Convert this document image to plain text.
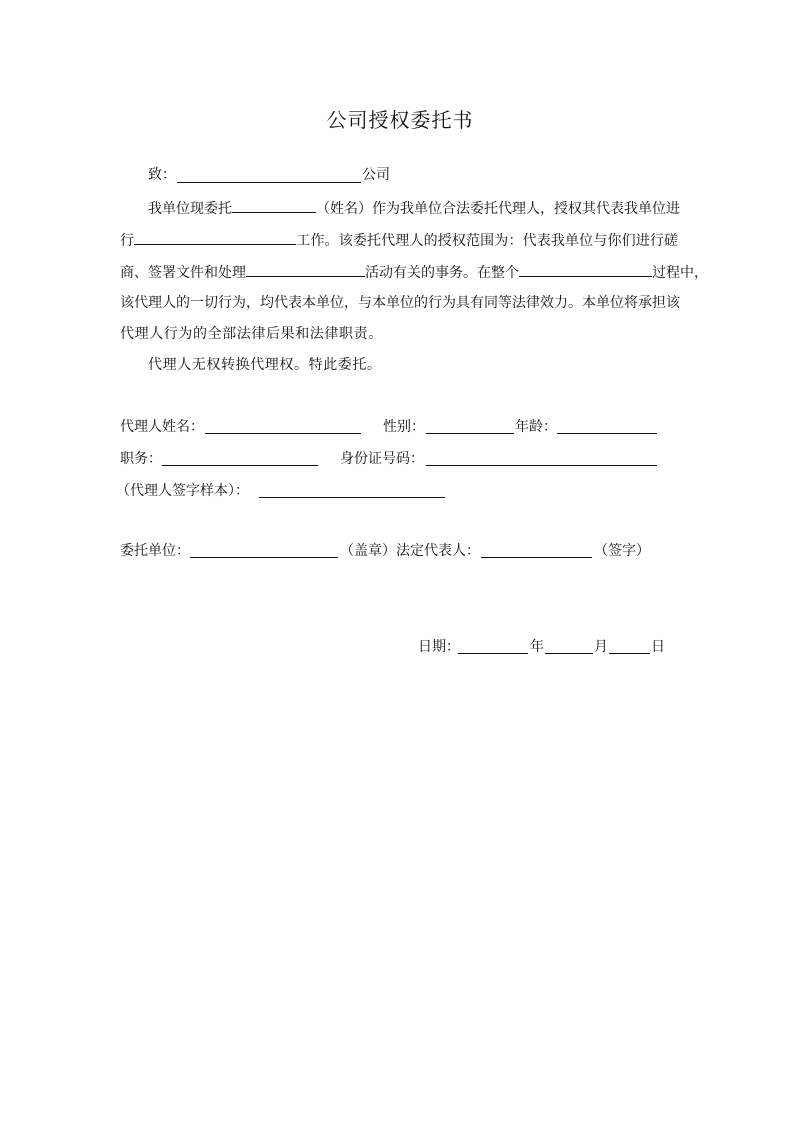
公司授权委托书
致：	公司
我单位现委托	（姓名）作为我单位合法委托代理人，授权其代表我单位进
行	工作。该委托代理人的授权范围为：代表我单位与你们进行磋
商、签署文件和处理	活动有关的事务。在整个	过程中，
该代理人的一切行为，均代表本单位，与本单位的行为具有同等法律效力。本单位将承担该
代理人行为的全部法律后果和法律职责。
代理人无权转换代理权。特此委托。
代理人姓名：	性别：	年龄：
职务：	身份证号码：
（代理人签字样本）：
委托单位：	（盖章）法定代表人：	（签字）
日期：	年	月	日
